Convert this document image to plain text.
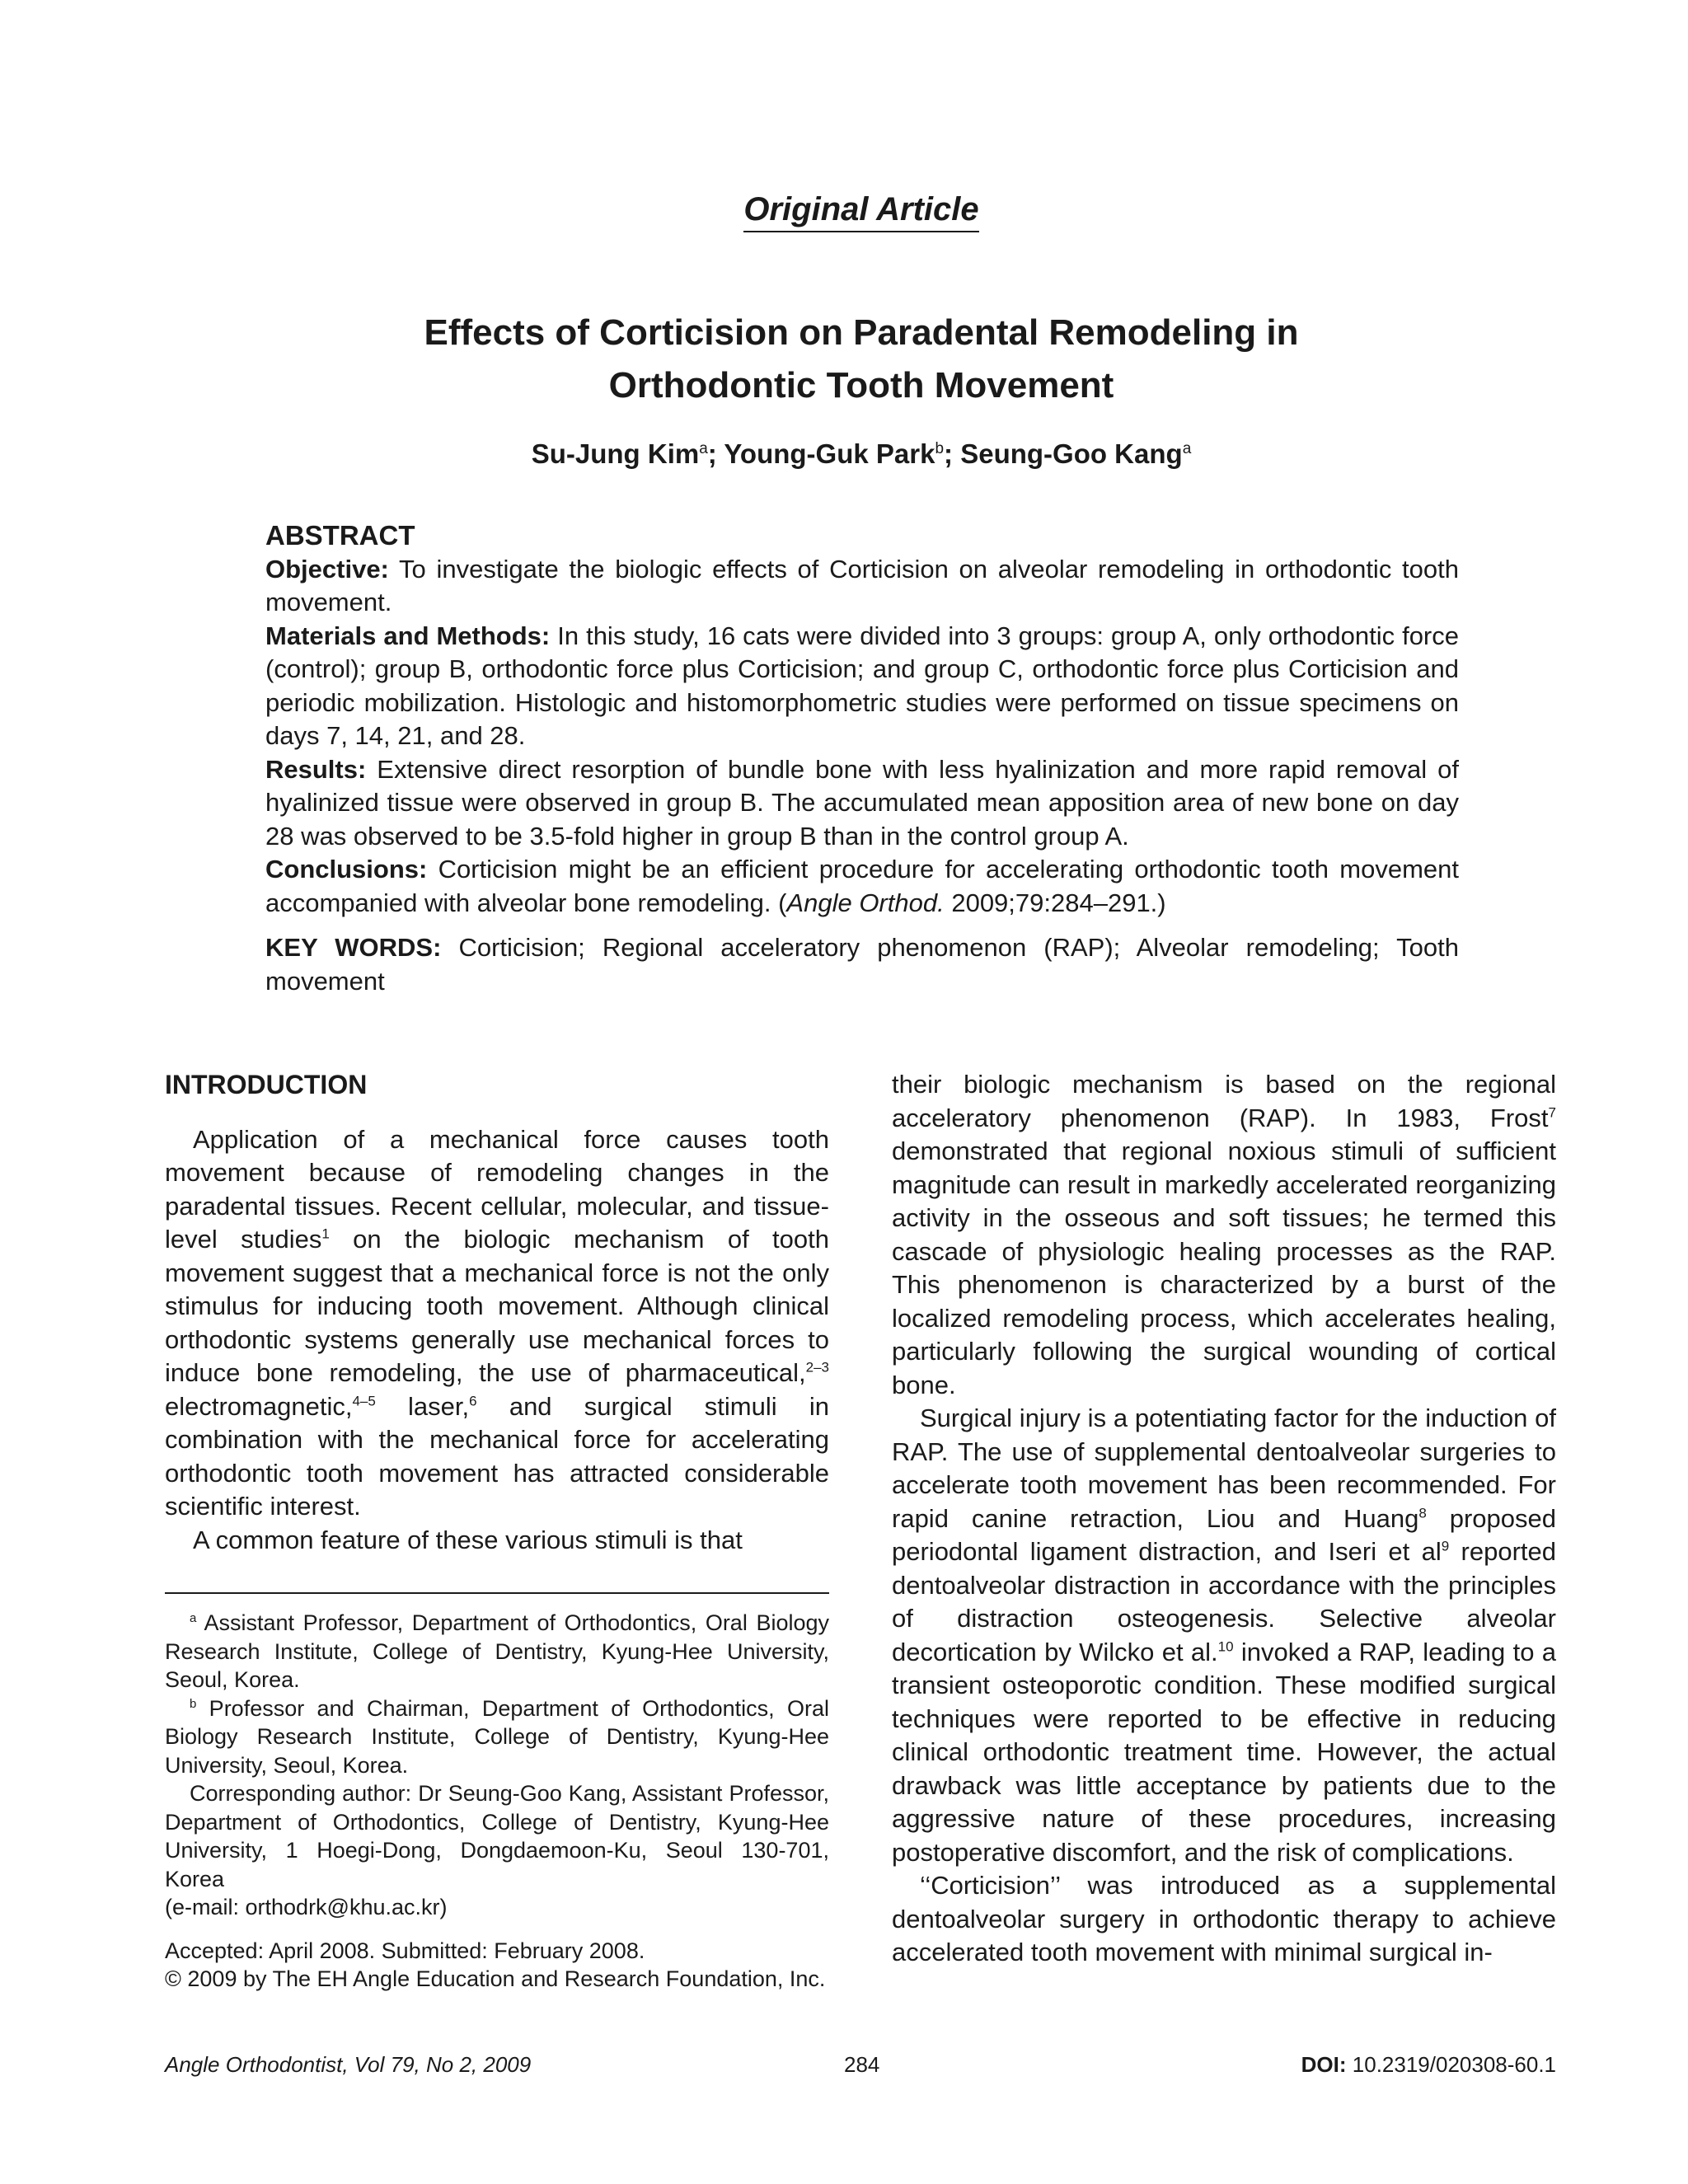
Original Article
Effects of Corticision on Paradental Remodeling in
Orthodontic Tooth Movement
Su-Jung Kim$^a$; Young-Guk Park$^b$; Seung-Goo Kang$^a$

ABSTRACT

Objective: To investigate the biologic effects of Corticision on alveolar remodeling in orthodontic tooth movement.

Materials and Methods: In this study, 16 cats were divided into 3 groups: group A, only orthodontic force (control); group B, orthodontic force plus Corticision; and group C, orthodontic force plus Corticision and periodic mobilization. Histologic and histomorphometric studies were performed on tissue specimens on days 7, 14, 21, and 28.

Results: Extensive direct resorption of bundle bone with less hyalinization and more rapid removal of hyalinized tissue were observed in group B. The accumulated mean apposition area of new bone on day 28 was observed to be 3.5-fold higher in group B than in the control group A.

Conclusions: Corticision might be an efficient procedure for accelerating orthodontic tooth movement accompanied with alveolar bone remodeling. (Angle Orthod. 2009;79:284–291.)

KEY WORDS: Corticision; Regional acceleratory phenomenon (RAP); Alveolar remodeling; Tooth movement

INTRODUCTION

Application of a mechanical force causes tooth movement because of remodeling changes in the paradental tissues. Recent cellular, molecular, and tissue-level studies$^1$ on the biologic mechanism of tooth movement suggest that a mechanical force is not the only stimulus for inducing tooth movement. Although clinical orthodontic systems generally use mechanical forces to induce bone remodeling, the use of pharmaceutical,$^{2-3}$ electromagnetic,$^{4-5}$ laser,$^6$ and surgical stimuli in combination with the mechanical force for accelerating orthodontic tooth movement has attracted considerable scientific interest.

A common feature of these various stimuli is that

$^a$ Assistant Professor, Department of Orthodontics, Oral Biology Research Institute, College of Dentistry, Kyung-Hee University, Seoul, Korea.

$^b$ Professor and Chairman, Department of Orthodontics, Oral Biology Research Institute, College of Dentistry, Kyung-Hee University, Seoul, Korea.

Corresponding author: Dr Seung-Goo Kang, Assistant Professor, Department of Orthodontics, College of Dentistry, Kyung-Hee University, 1 Hoegi-Dong, Dongdaemoon-Ku, Seoul 130-701, Korea

(e-mail: orthodrk@khu.ac.kr)

Accepted: April 2008. Submitted: February 2008.

© 2009 by The EH Angle Education and Research Foundation, Inc.

their biologic mechanism is based on the regional acceleratory phenomenon (RAP). In 1983, Frost$^7$ demonstrated that regional noxious stimuli of sufficient magnitude can result in markedly accelerated reorganizing activity in the osseous and soft tissues; he termed this cascade of physiologic healing processes as the RAP. This phenomenon is characterized by a burst of the localized remodeling process, which accelerates healing, particularly following the surgical wounding of cortical bone.

Surgical injury is a potentiating factor for the induction of RAP. The use of supplemental dentoalveolar surgeries to accelerate tooth movement has been recommended. For rapid canine retraction, Liou and Huang$^8$ proposed periodontal ligament distraction, and Iseri et $al^9$ reported dentoalveolar distraction in accordance with the principles of distraction osteogenesis. Selective alveolar decortication by Wilcko et al.$^{10}$ invoked a RAP, leading to a transient osteoporotic condition. These modified surgical techniques were reported to be effective in reducing clinical orthodontic treatment time. However, the actual drawback was little acceptance by patients due to the aggressive nature of these procedures, increasing postoperative discomfort, and the risk of complications.

‘‘Corticision’’ was introduced as a supplemental dentoalveolar surgery in orthodontic therapy to achieve accelerated tooth movement with minimal surgical in-

Angle Orthodontist, Vol 79, No 2, 2009	284	DOI: 10.2319/020308-60.1
